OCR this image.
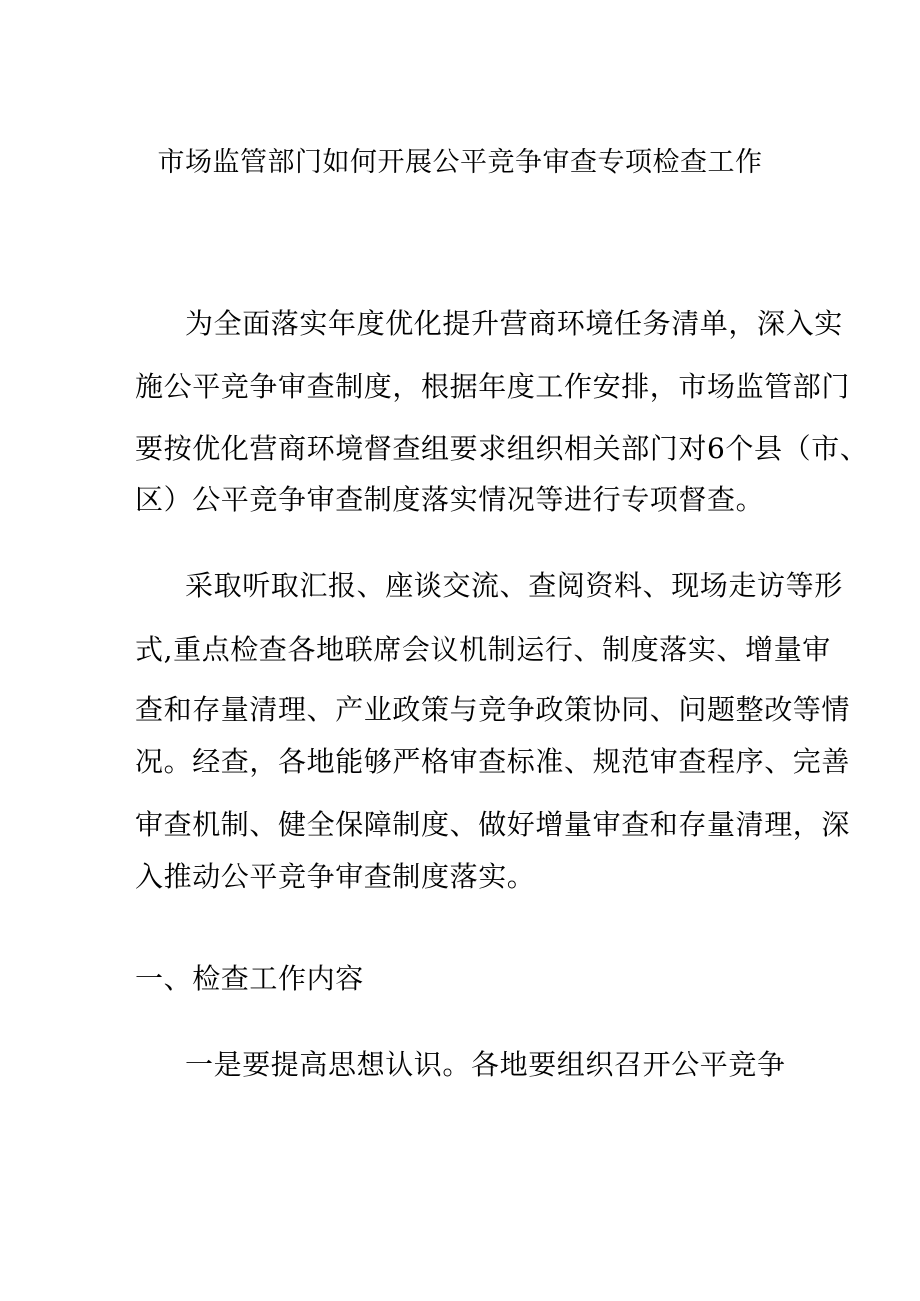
市场监管部门如何开展公平竞争审查专项检查工作
为全面落实年度优化提升营商环境任务清单，深入实
施公平竞争审查制度，根据年度工作安排，市场监管部门
要按优化营商环境督查组要求组织相关部门对6个县（市、
区）公平竞争审查制度落实情况等进行专项督查。
采取听取汇报、座谈交流、查阅资料、现场走访等形
式,重点检查各地联席会议机制运行、制度落实、增量审
查和存量清理、产业政策与竞争政策协同、问题整改等情
况。经查，各地能够严格审查标准、规范审查程序、完善
审查机制、健全保障制度、做好增量审查和存量清理，深
入推动公平竞争审查制度落实。
一、检查工作内容
一是要提高思想认识。各地要组织召开公平竞争
